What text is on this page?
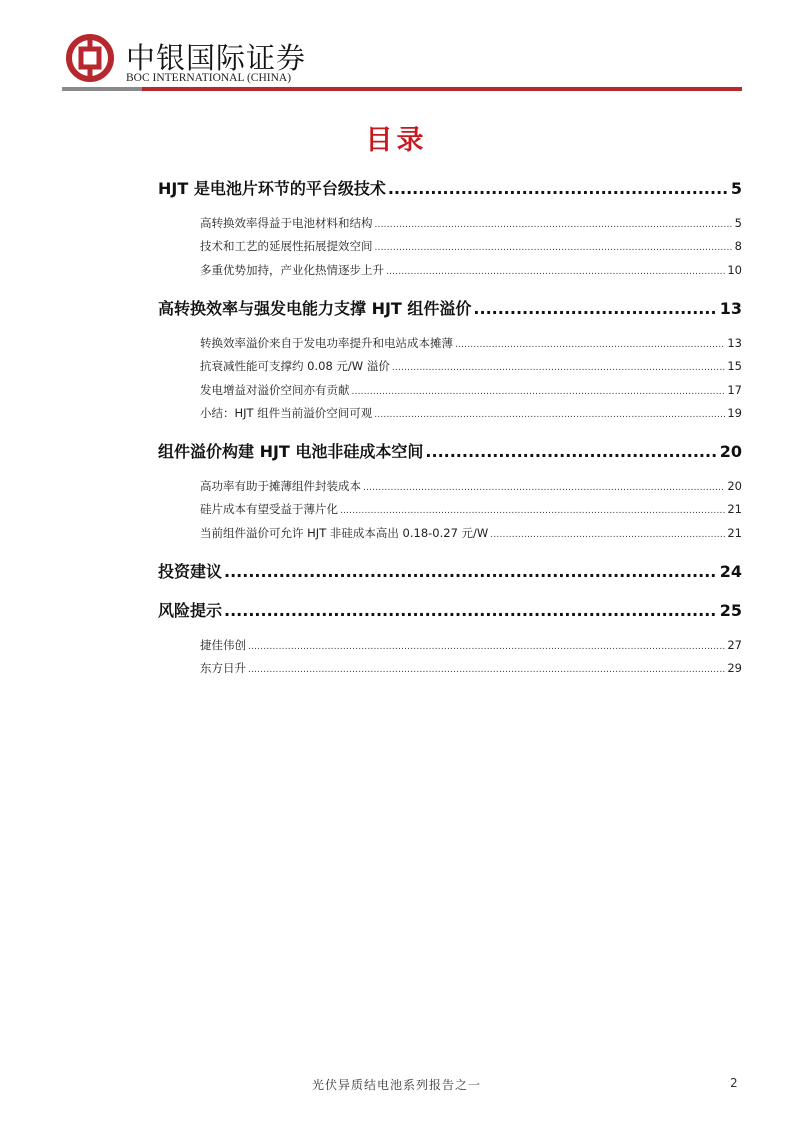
中银国际证券
BOC INTERNATIONAL (CHINA)
目录
HJT 是电池片环节的平台级技术 .....	5
高转换效率得益于电池材料和结构 .....	5
技术和工艺的延展性拓展提效空间 .....	8
多重优势加持，产业化热情逐步上升 .....	10
高转换效率与强发电能力支撑 HJT 组件溢价 .....	13
转换效率溢价来自于发电功率提升和电站成本摊薄 .....	13
抗衰减性能可支撑约 0.08 元/W 溢价 .....	15
发电增益对溢价空间亦有贡献 .....	17
小结：HJT 组件当前溢价空间可观 .....	19
组件溢价构建 HJT 电池非硅成本空间 .....	20
高功率有助于摊薄组件封装成本 .....	20
硅片成本有望受益于薄片化 .....	21
当前组件溢价可允许 HJT 非硅成本高出 0.18-0.27 元/W .....	21
投资建议 .....	24
风险提示 .....	25
捷佳伟创 .....	27
东方日升 .....	29
光伏异质结电池系列报告之一	2
